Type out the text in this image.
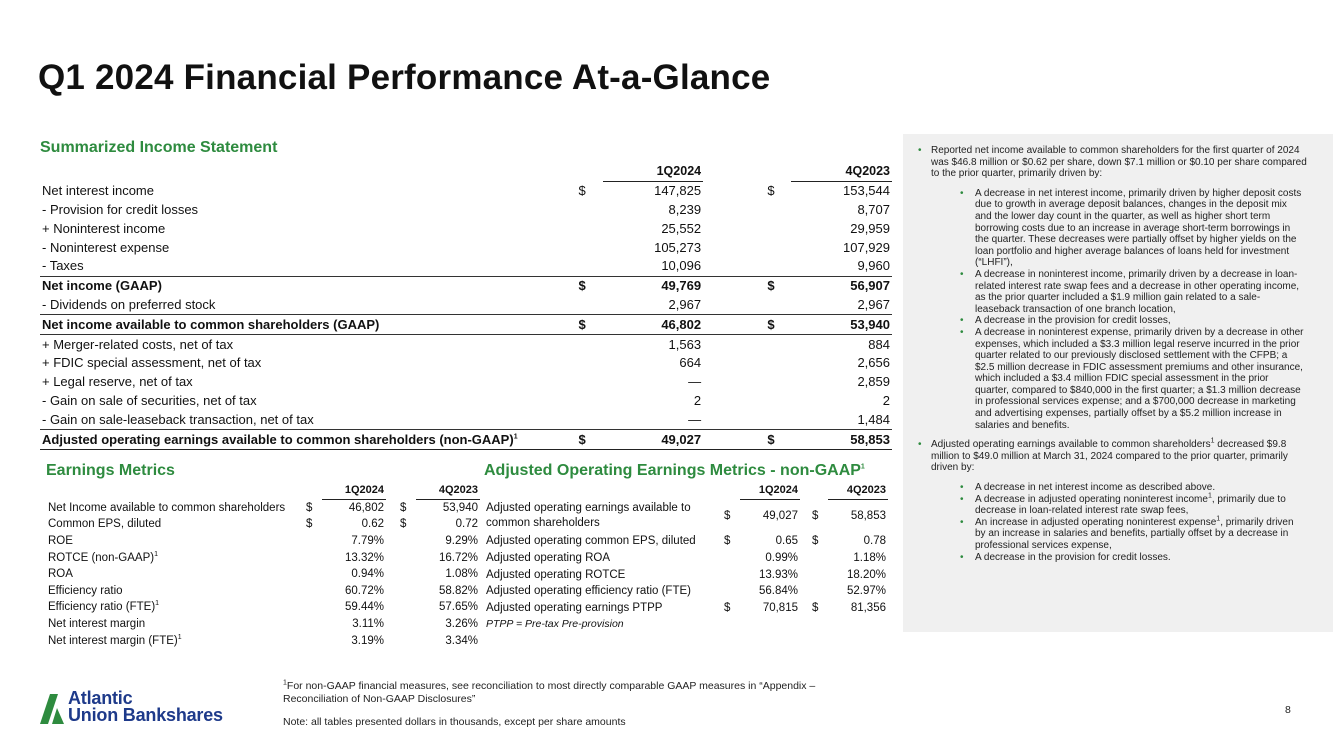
Q1 2024 Financial Performance At-a-Glance
Summarized Income Statement
		1Q2024			4Q2023
Net interest income	$	147,825		$	153,544
- Provision for credit losses		8,239			8,707
+ Noninterest income		25,552			29,959
- Noninterest expense		105,273			107,929
- Taxes		10,096			9,960
Net income (GAAP)	$	49,769		$	56,907
- Dividends on preferred stock		2,967			2,967
Net income available to common shareholders (GAAP)	$	46,802		$	53,940
+ Merger-related costs, net of tax		1,563			884
+ FDIC special assessment, net of tax		664			2,656
+ Legal reserve, net of tax		—			2,859
- Gain on sale of securities, net of tax		2			2
- Gain on sale-leaseback transaction, net of tax		—			1,484
Adjusted operating earnings available to common shareholders (non-GAAP)$^1$	$	49,027		$	58,853
Earnings Metrics
		1Q2024			4Q2023
Net Income available to common shareholders	$	46,802		$	53,940
Common EPS, diluted	$	0.62		$	0.72
ROE		7.79%			9.29%
ROTCE (non-GAAP)$^1$		13.32%			16.72%
ROA		0.94%			1.08%
Efficiency ratio		60.72%			58.82%
Efficiency ratio (FTE)$^1$		59.44%			57.65%
Net interest margin		3.11%			3.26%
Net interest margin (FTE)$^1$		3.19%			3.34%
Adjusted Operating Earnings Metrics - non-GAAP$^1$
		1Q2024			4Q2023
Adjusted operating earnings available to common shareholders	$	49,027		$	58,853
Adjusted operating common EPS, diluted	$	0.65		$	0.78
Adjusted operating ROA		0.99%			1.18%
Adjusted operating ROTCE		13.93%			18.20%
Adjusted operating efficiency ratio (FTE)		56.84%			52.97%
Adjusted operating earnings PTPP	$	70,815		$	81,356
PTPP = Pre-tax Pre-provision					
• Reported net income available to common shareholders for the first quarter of 2024 was $46.8 million or $0.62 per share, down $7.1 million or $0.10 per share compared to the prior quarter, primarily driven by:
• A decrease in net interest income, primarily driven by higher deposit costs due to growth in average deposit balances, changes in the deposit mix and the lower day count in the quarter, as well as higher short term borrowing costs due to an increase in average short-term borrowings in the quarter. These decreases were partially offset by higher yields on the loan portfolio and higher average balances of loans held for investment (“LHFI”),
• A decrease in noninterest income, primarily driven by a decrease in loan-related interest rate swap fees and a decrease in other operating income, as the prior quarter included a $1.9 million gain related to a sale-leaseback transaction of one branch location,
• A decrease in the provision for credit losses,
• A decrease in noninterest expense, primarily driven by a decrease in other expenses, which included a $3.3 million legal reserve incurred in the prior quarter related to our previously disclosed settlement with the CFPB; a $2.5 million decrease in FDIC assessment premiums and other insurance, which included a $3.4 million FDIC special assessment in the prior quarter, compared to $840,000 in the first quarter; a $1.3 million decrease in professional services expense; and a $700,000 decrease in marketing and advertising expenses, partially offset by a $5.2 million increase in salaries and benefits.
• Adjusted operating earnings available to common shareholders$^1$ decreased $9.8 million to $49.0 million at March 31, 2024 compared to the prior quarter, primarily driven by:
• A decrease in net interest income as described above.
• A decrease in adjusted operating noninterest income$^1$, primarily due to decrease in loan-related interest rate swap fees,
• An increase in adjusted operating noninterest expense$^1$, primarily driven by an increase in salaries and benefits, partially offset by a decrease in professional services expense,
• A decrease in the provision for credit losses.
$^1$For non-GAAP financial measures, see reconciliation to most directly comparable GAAP measures in “Appendix – Reconciliation of Non-GAAP Disclosures”
Note: all tables presented dollars in thousands, except per share amounts
8
Atlantic
Union Bankshares
